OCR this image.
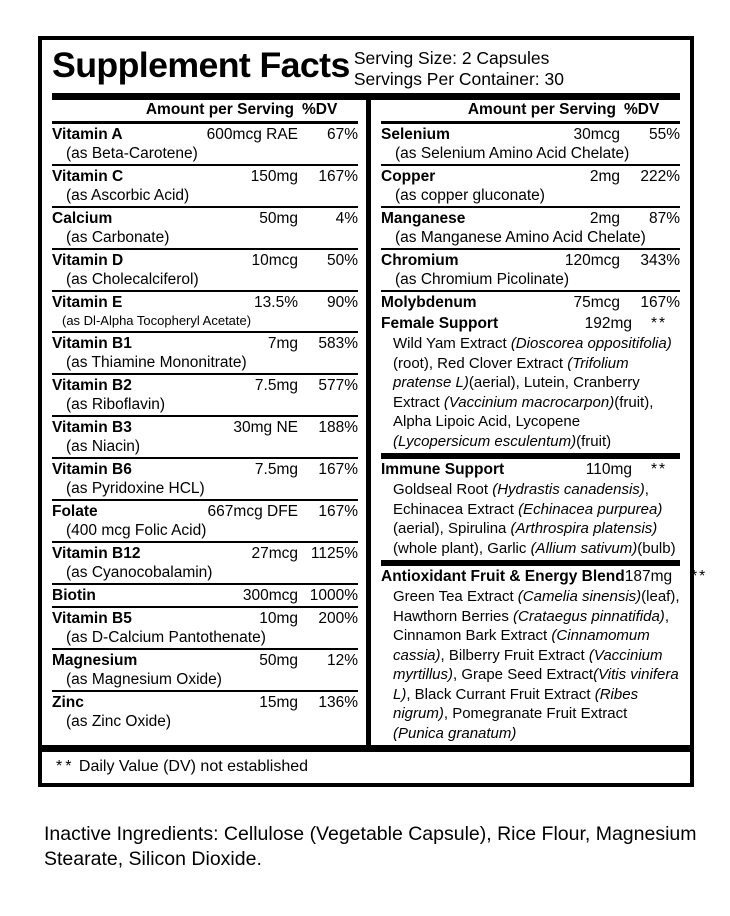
Supplement Facts Serving Size: 2 Capsules
Servings Per Container: 30
Amount per Serving %DV
Vitamin A	600mcg RAE	67%
(as Beta-Carotene)
Vitamin C	150mg	167%
(as Ascorbic Acid)
Calcium	50mg	4%
(as Carbonate)
Vitamin D	10mcg	50%
(as Cholecalciferol)
Vitamin E	13.5%	90%
(as Dl-Alpha Tocopheryl Acetate)
Vitamin B1	7mg	583%
(as Thiamine Mononitrate)
Vitamin B2	7.5mg	577%
(as Riboflavin)
Vitamin B3	30mg NE	188%
(as Niacin)
Vitamin B6	7.5mg	167%
(as Pyridoxine HCL)
Folate	667mcg DFE	167%
(400 mcg Folic Acid)
Vitamin B12	27mcg 1125%
(as Cyanocobalamin)
Biotin	300mcg 1000%
Vitamin B5	10mg	200%
(as D-Calcium Pantothenate)
Magnesium	50mg	12%
(as Magnesium Oxide)
Zinc	15mg	136%
(as Zinc Oxide)
Amount per Serving %DV
Selenium	30mcg	55%
(as Selenium Amino Acid Chelate)
Copper	2mg	222%
(as copper gluconate)
Manganese	2mg	87%
(as Manganese Amino Acid Chelate)
Chromium	120mcg	343%
(as Chromium Picolinate)
Molybdenum	75mcg	167%
Female Support	192mg	**
Wild Yam Extract (Dioscorea oppositifolia) (root), Red Clover Extract (Trifolium pratense L)(aerial), Lutein, Cranberry Extract (Vaccinium macrocarpon)(fruit), Alpha Lipoic Acid, Lycopene (Lycopersicum esculentum)(fruit)
Immune Support	110mg	**
Goldseal Root (Hydrastis canadensis), Echinacea Extract (Echinacea purpurea) (aerial), Spirulina (Arthrospira platensis) (whole plant), Garlic (Allium sativum)(bulb)
Antioxidant Fruit & Energy Blend 187mg	**
Green Tea Extract (Camelia sinensis)(leaf), Hawthorn Berries (Crataegus pinnatifida), Cinnamon Bark Extract (Cinnamomum cassia), Bilberry Fruit Extract (Vaccinium myrtillus), Grape Seed Extract(Vitis vinifera L), Black Currant Fruit Extract (Ribes nigrum), Pomegranate Fruit Extract (Punica granatum)
** Daily Value (DV) not established
Inactive Ingredients: Cellulose (Vegetable Capsule), Rice Flour, Magnesium Stearate, Silicon Dioxide.
